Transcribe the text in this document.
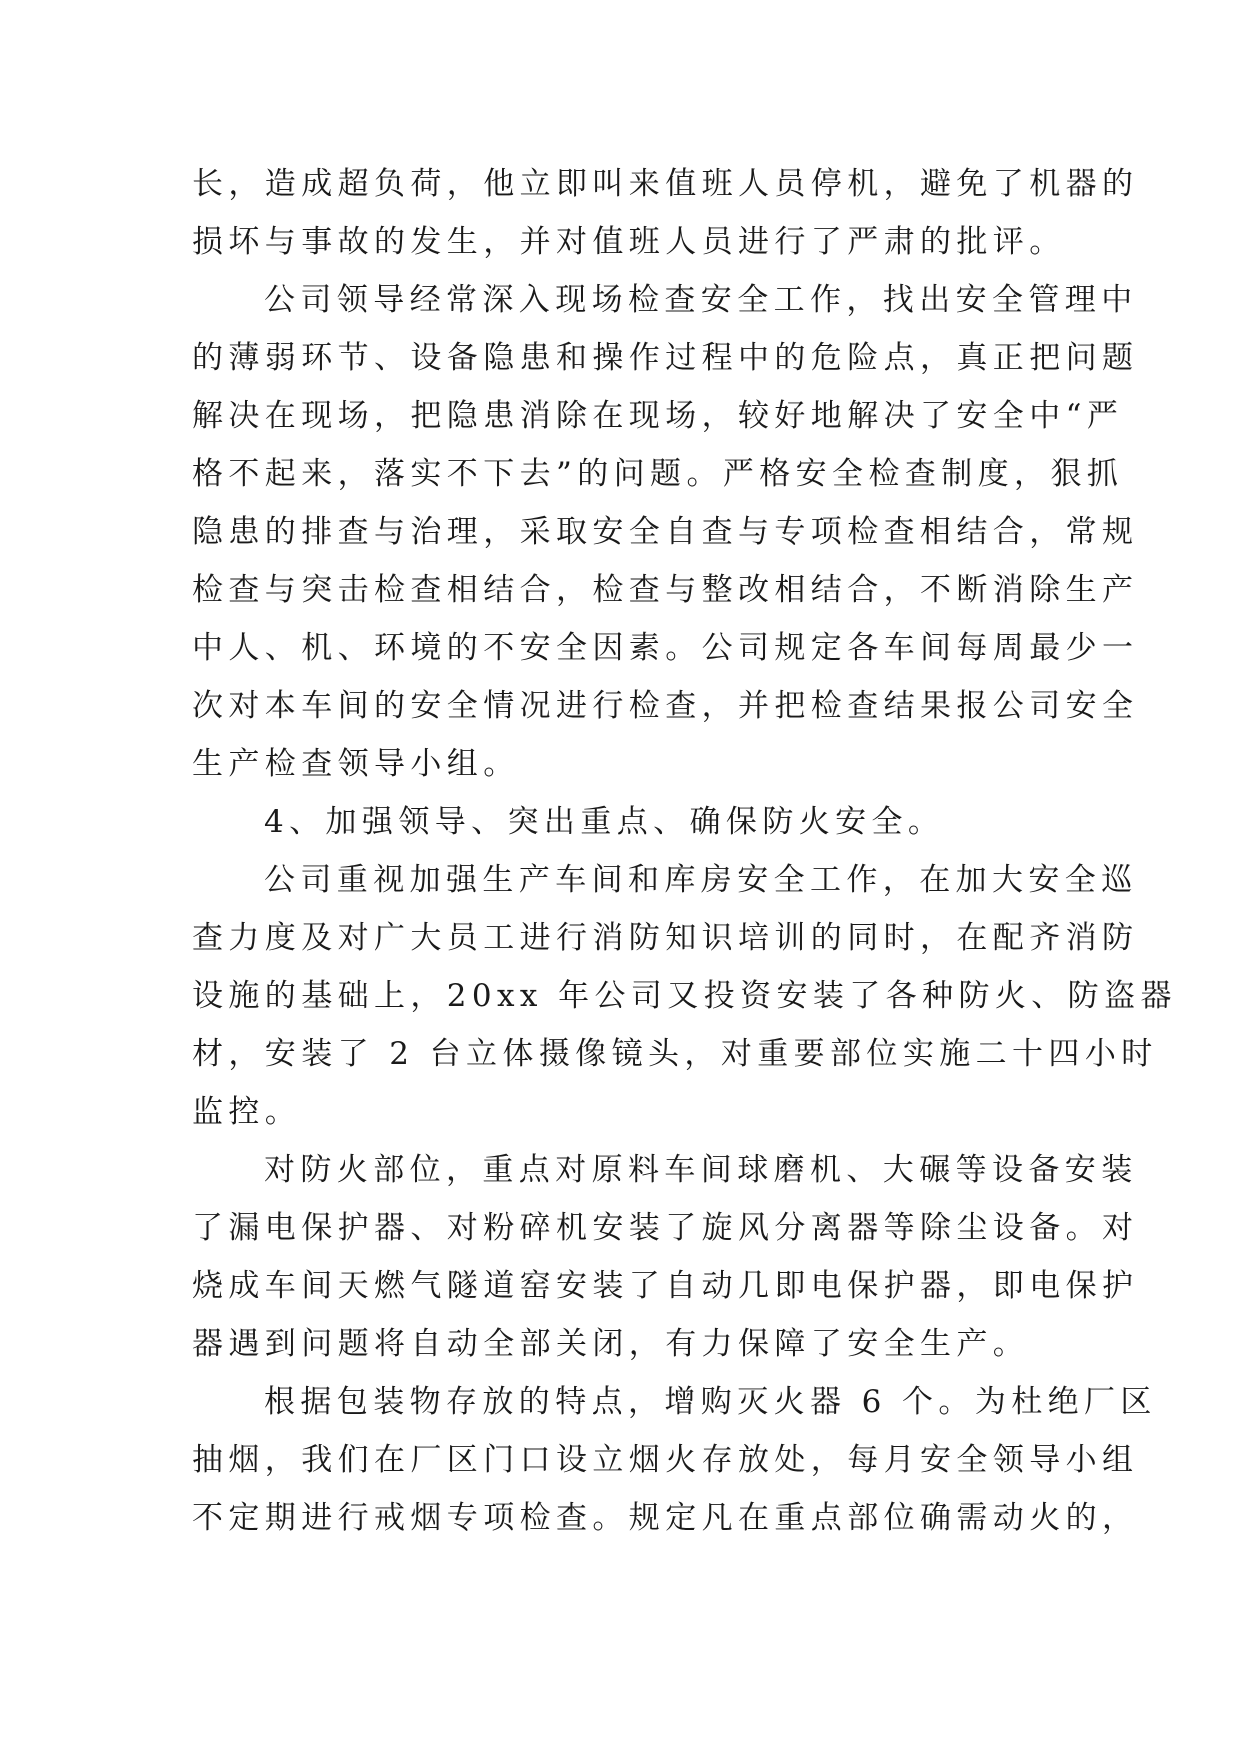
长，造成超负荷，他立即叫来值班人员停机，避免了机器的
损坏与事故的发生，并对值班人员进行了严肃的批评。

公司领导经常深入现场检查安全工作，找出安全管理中
的薄弱环节、设备隐患和操作过程中的危险点，真正把问题
解决在现场，把隐患消除在现场，较好地解决了安全中“严
格不起来，落实不下去”的问题。严格安全检查制度，狠抓
隐患的排查与治理，采取安全自查与专项检查相结合，常规
检查与突击检查相结合，检查与整改相结合，不断消除生产
中人、机、环境的不安全因素。公司规定各车间每周最少一
次对本车间的安全情况进行检查，并把检查结果报公司安全
生产检查领导小组。

4、加强领导、突出重点、确保防火安全。

公司重视加强生产车间和库房安全工作，在加大安全巡
查力度及对广大员工进行消防知识培训的同时，在配齐消防
设施的基础上，20xx 年公司又投资安装了各种防火、防盗器
材，安装了 2 台立体摄像镜头，对重要部位实施二十四小时
监控。

对防火部位，重点对原料车间球磨机、大碾等设备安装
了漏电保护器、对粉碎机安装了旋风分离器等除尘设备。对
烧成车间天燃气隧道窑安装了自动几即电保护器，即电保护
器遇到问题将自动全部关闭，有力保障了安全生产。

根据包装物存放的特点，增购灭火器 6 个。为杜绝厂区
抽烟，我们在厂区门口设立烟火存放处，每月安全领导小组
不定期进行戒烟专项检查。规定凡在重点部位确需动火的，
